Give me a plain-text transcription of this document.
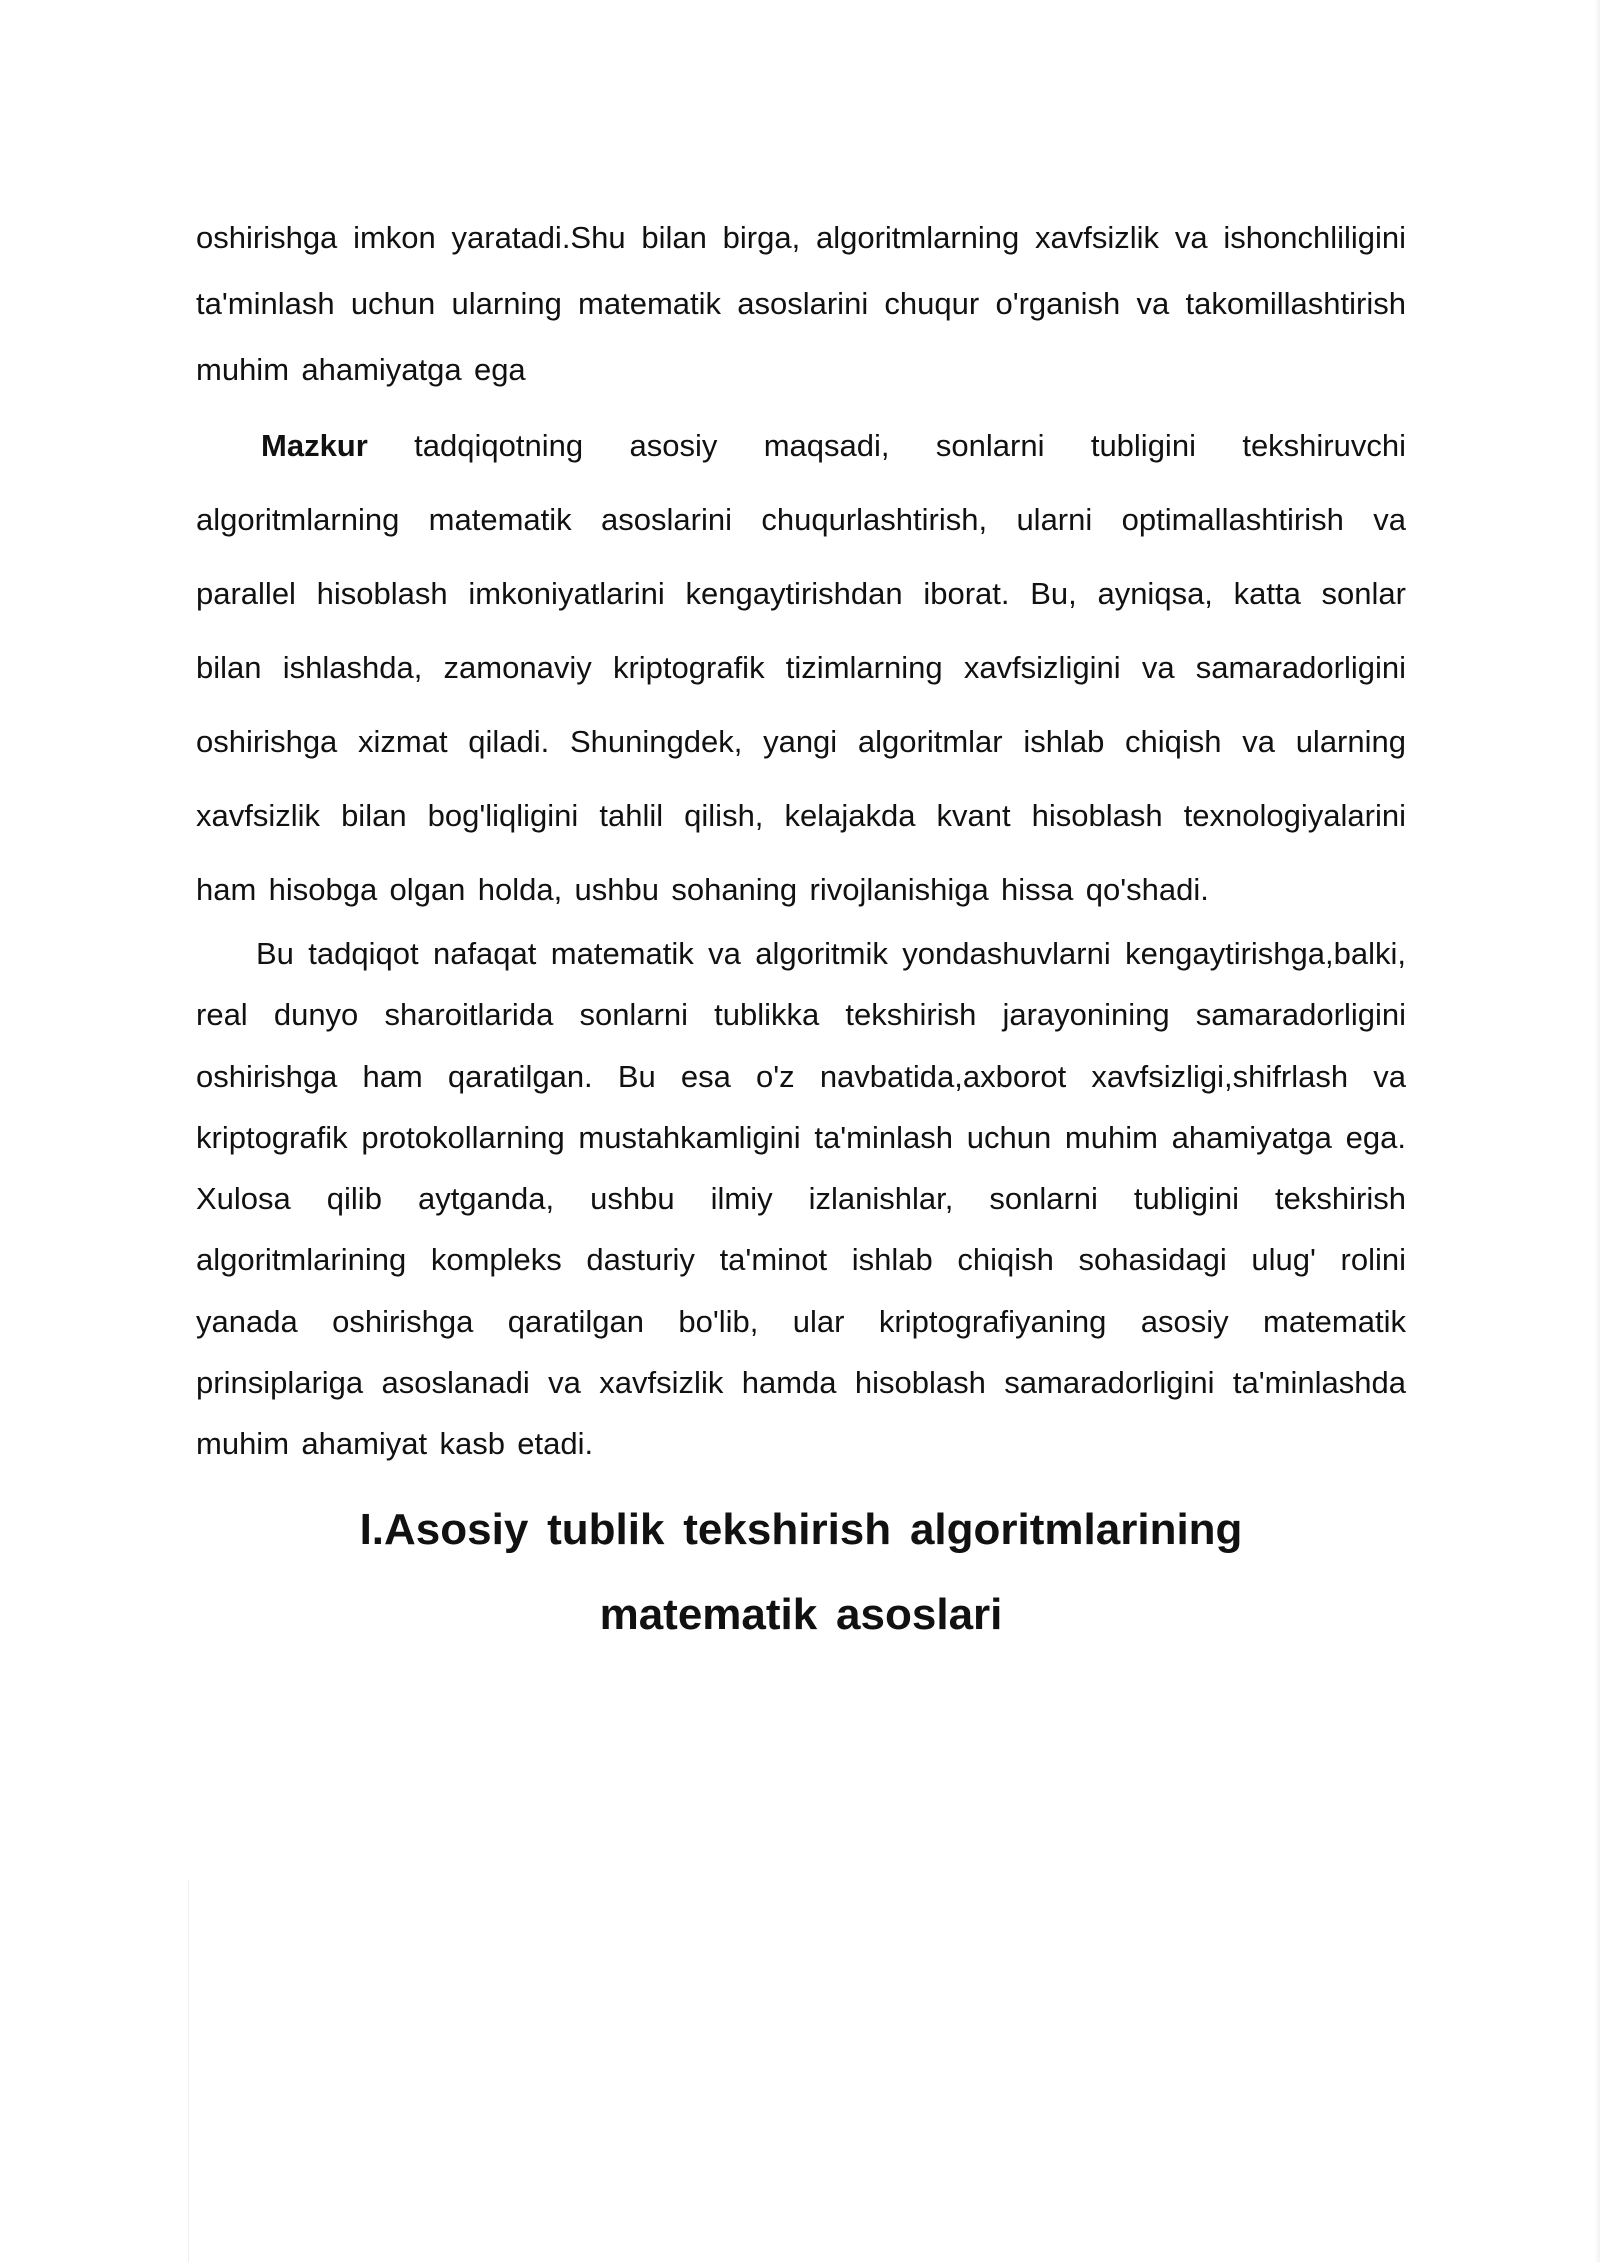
oshirishga imkon yaratadi.Shu bilan birga, algoritmlarning xavfsizlik va ishonchliligini ta'minlash uchun ularning matematik asoslarini chuqur o'rganish va takomillashtirish muhim ahamiyatga ega

Mazkur tadqiqotning asosiy maqsadi, sonlarni tubligini tekshiruvchi algoritmlarning matematik asoslarini chuqurlashtirish, ularni optimallashtirish va parallel hisoblash imkoniyatlarini kengaytirishdan iborat. Bu, ayniqsa, katta sonlar bilan ishlashda, zamonaviy kriptografik tizimlarning xavfsizligini va samaradorligini oshirishga xizmat qiladi. Shuningdek, yangi algoritmlar ishlab chiqish va ularning xavfsizlik bilan bog'liqligini tahlil qilish, kelajakda kvant hisoblash texnologiyalarini ham hisobga olgan holda, ushbu sohaning rivojlanishiga hissa qo'shadi.

Bu tadqiqot nafaqat matematik va algoritmik yondashuvlarni kengaytirishga,balki, real dunyo sharoitlarida sonlarni tublikka tekshirish jarayonining samaradorligini oshirishga ham qaratilgan. Bu esa o'z navbatida,axborot xavfsizligi,shifrlash va kriptografik protokollarning mustahkamligini ta'minlash uchun muhim ahamiyatga ega. Xulosa qilib aytganda, ushbu ilmiy izlanishlar, sonlarni tubligini tekshirish algoritmlarining kompleks dasturiy ta'minot ishlab chiqish sohasidagi ulug' rolini yanada oshirishga qaratilgan bo'lib, ular kriptografiyaning asosiy matematik prinsiplariga asoslanadi va xavfsizlik hamda hisoblash samaradorligini ta'minlashda muhim ahamiyat kasb etadi.

I.Asosiy tublik tekshirish algoritmlarining
matematik asoslari
